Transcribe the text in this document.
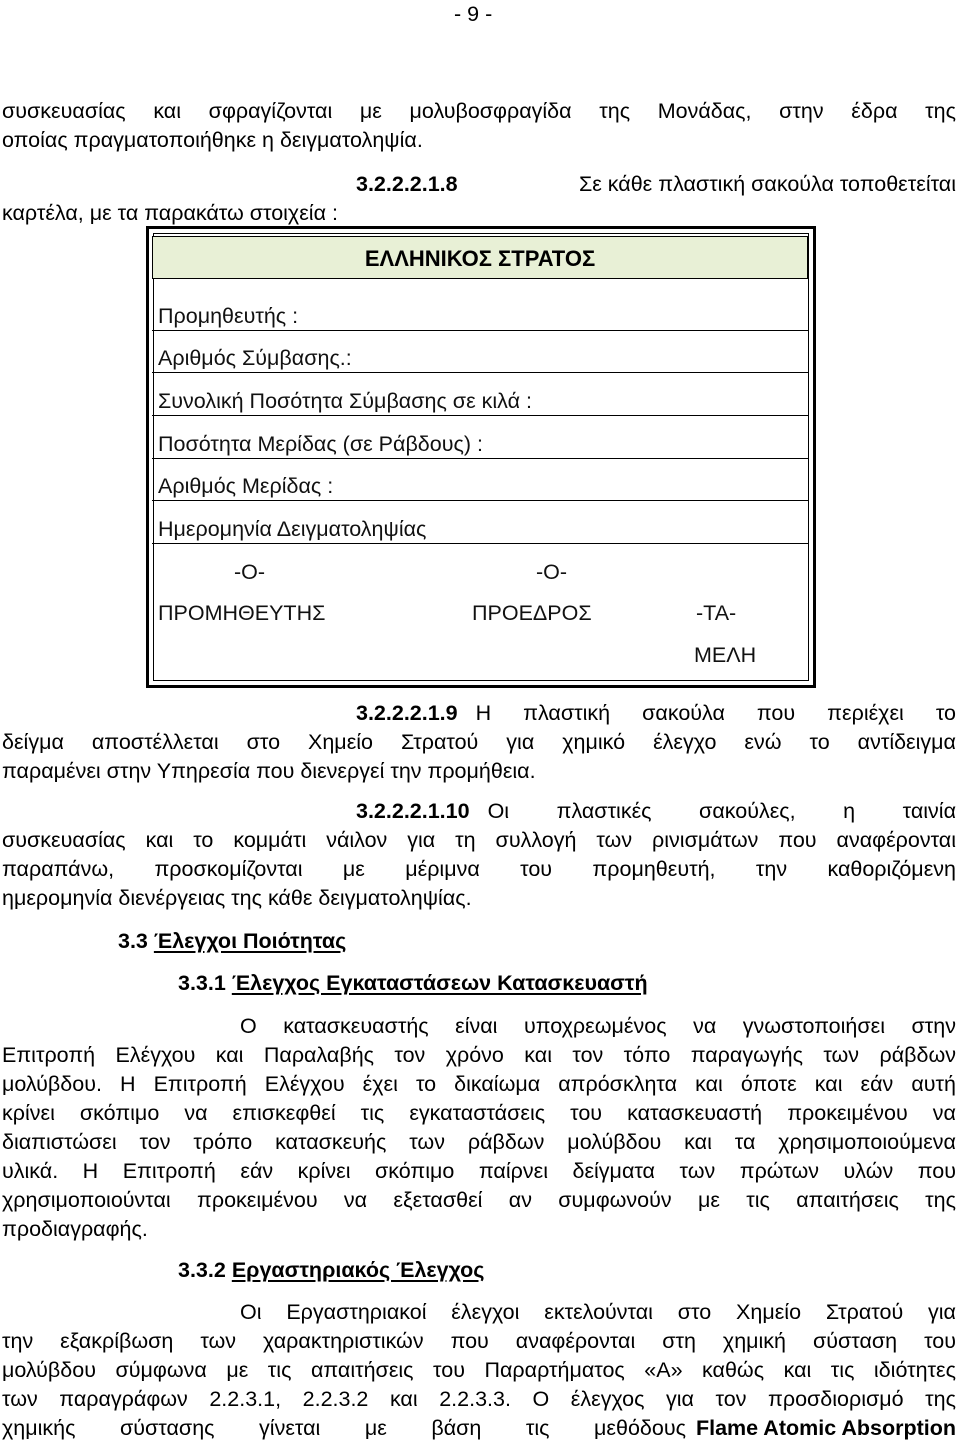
- 9 -
συσκευασίας και σφραγίζονται με μολυβοσφραγίδα της Μονάδας, στην έδρα της
οποίας πραγματοποιήθηκε η δειγματοληψία.
3.2.2.2.1.8	Σε κάθε πλαστική σακούλα τοποθετείται
καρτέλα, με τα παρακάτω στοιχεία :
ΕΛΛΗΝΙΚΟΣ ΣΤΡΑΤΟΣ
Προμηθευτής :
Αριθμός Σύμβασης.:
Συνολική Ποσότητα Σύμβασης σε κιλά :
Ποσότητα Μερίδας (σε Ράβδους) :
Αριθμός Μερίδας :
Ημερομηνία Δειγματοληψίας
-Ο-	-Ο-
ΠΡΟΜΗΘΕΥΤΗΣ	ΠΡΟΕΔΡΟΣ	-ΤΑ-
ΜΕΛΗ
3.2.2.2.1.9 Η πλαστική σακούλα που περιέχει το
δείγμα αποστέλλεται στο Χημείο Στρατού για χημικό έλεγχο ενώ το αντίδειγμα
παραμένει στην Υπηρεσία που διενεργεί την προμήθεια.
3.2.2.2.1.10 Οι πλαστικές σακούλες, η ταινία
συσκευασίας και το κομμάτι νάιλον για τη συλλογή των ρινισμάτων που αναφέρονται
παραπάνω, προσκομίζονται με μέριμνα του προμηθευτή, την καθοριζόμενη
ημερομηνία διενέργειας της κάθε δειγματοληψίας.
3.3 Έλεγχοι Ποιότητας
3.3.1 Έλεγχος Εγκαταστάσεων Κατασκευαστή
Ο κατασκευαστής είναι υποχρεωμένος να γνωστοποιήσει στην
Επιτροπή Ελέγχου και Παραλαβής τον χρόνο και τον τόπο παραγωγής των ράβδων
μολύβδου. Η Επιτροπή Ελέγχου έχει το δικαίωμα απρόσκλητα και όποτε και εάν αυτή
κρίνει σκόπιμο να επισκεφθεί τις εγκαταστάσεις του κατασκευαστή προκειμένου να
διαπιστώσει τον τρόπο κατασκευής των ράβδων μολύβδου και τα χρησιμοποιούμενα
υλικά. Η Επιτροπή εάν κρίνει σκόπιμο παίρνει δείγματα των πρώτων υλών που
χρησιμοποιούνται προκειμένου να εξετασθεί αν συμφωνούν με τις απαιτήσεις της
προδιαγραφής.
3.3.2 Εργαστηριακός Έλεγχος
Οι Εργαστηριακοί έλεγχοι εκτελούνται στο Χημείο Στρατού για
την εξακρίβωση των χαρακτηριστικών που αναφέρονται στη χημική σύσταση του
μολύβδου σύμφωνα με τις απαιτήσεις του Παραρτήματος «Α» καθώς και τις ιδιότητες
των παραγράφων 2.2.3.1, 2.2.3.2 και 2.2.3.3. Ο έλεγχος για τον προσδιορισμό της
χημικής σύστασης γίνεται με βάση τις μεθόδους Flame Atomic Absorption
